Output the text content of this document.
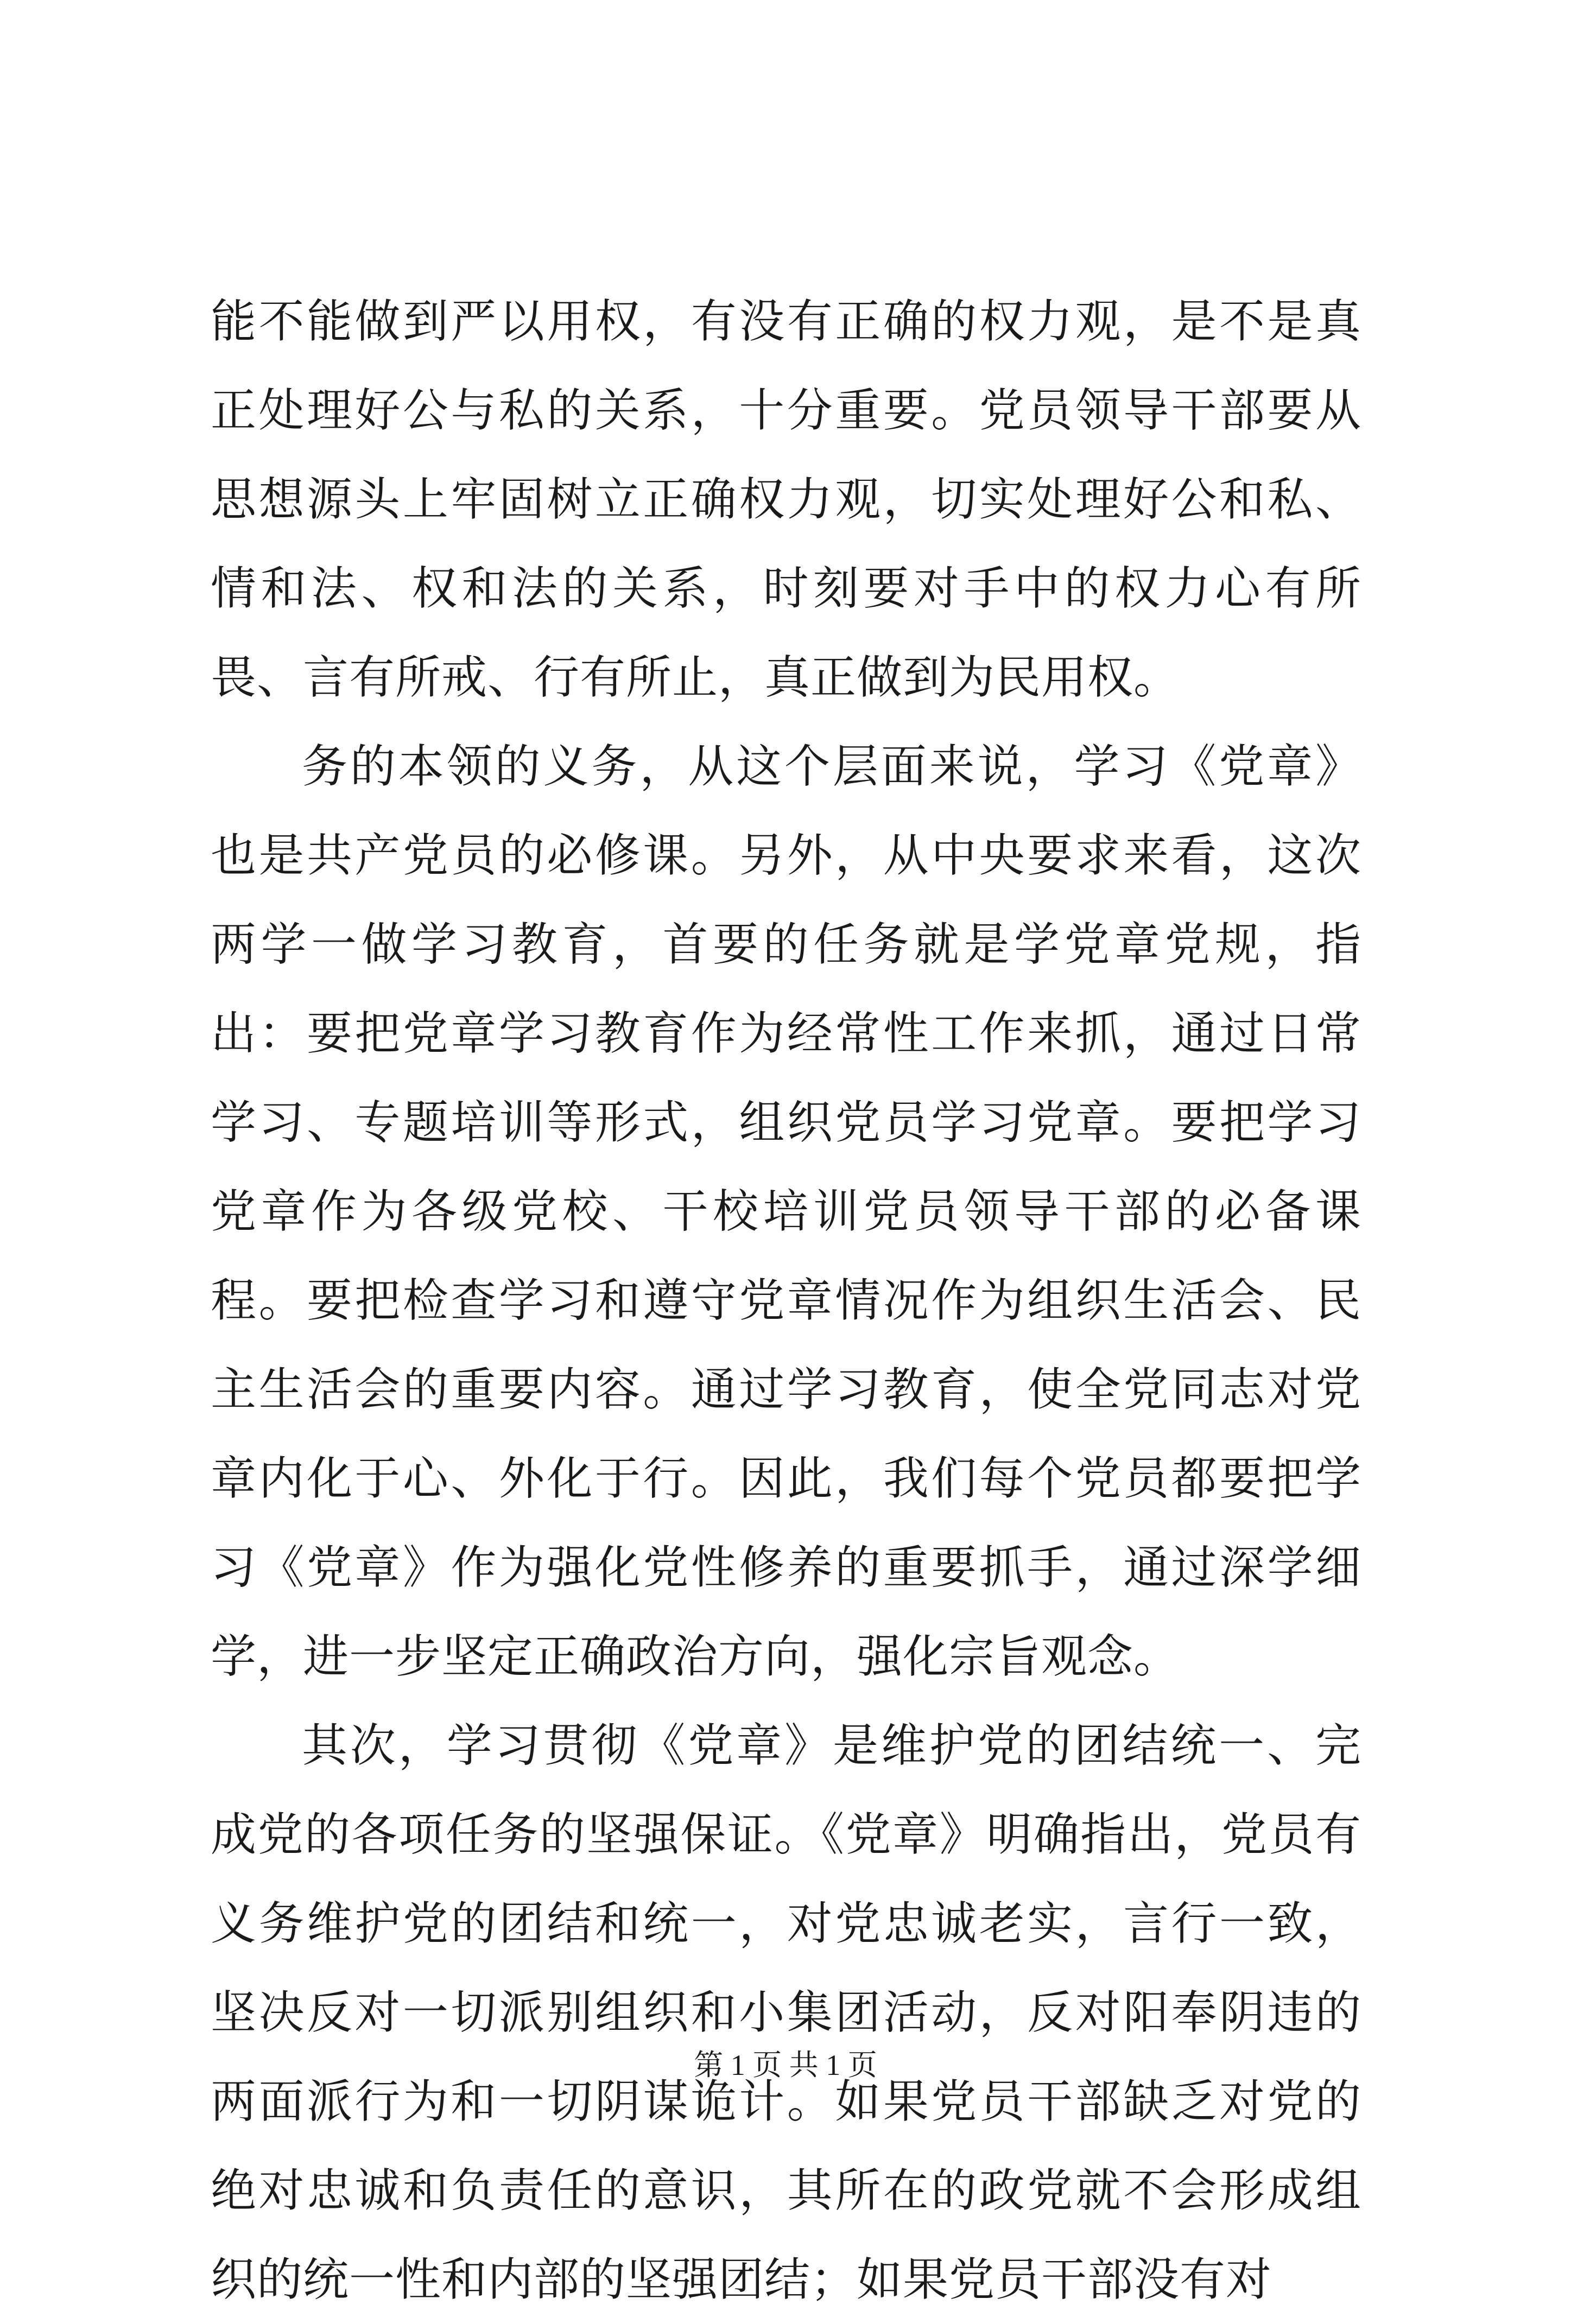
能不能做到严以用权，有没有正确的权力观，是不是真正处理好公与私的关系，十分重要。党员领导干部要从思想源头上牢固树立正确权力观，切实处理好公和私、情和法、权和法的关系，时刻要对手中的权力心有所畏、言有所戒、行有所止，真正做到为民用权。

务的本领的义务，从这个层面来说，学习《党章》也是共产党员的必修课。另外，从中央要求来看，这次两学一做学习教育，首要的任务就是学党章党规，指出：要把党章学习教育作为经常性工作来抓，通过日常学习、专题培训等形式，组织党员学习党章。要把学习党章作为各级党校、干校培训党员领导干部的必备课程。要把检查学习和遵守党章情况作为组织生活会、民主生活会的重要内容。通过学习教育，使全党同志对党章内化于心、外化于行。因此，我们每个党员都要把学习《党章》作为强化党性修养的重要抓手，通过深学细学，进一步坚定正确政治方向，强化宗旨观念。

其次，学习贯彻《党章》是维护党的团结统一、完成党的各项任务的坚强保证。《党章》明确指出，党员有义务维护党的团结和统一，对党忠诚老实，言行一致，坚决反对一切派别组织和小集团活动，反对阳奉阴违的两面派行为和一切阴谋诡计。如果党员干部缺乏对党的绝对忠诚和负责任的意识，其所在的政党就不会形成组织的统一性和内部的坚强团结；如果党员干部没有对

第 1 页 共 1 页
